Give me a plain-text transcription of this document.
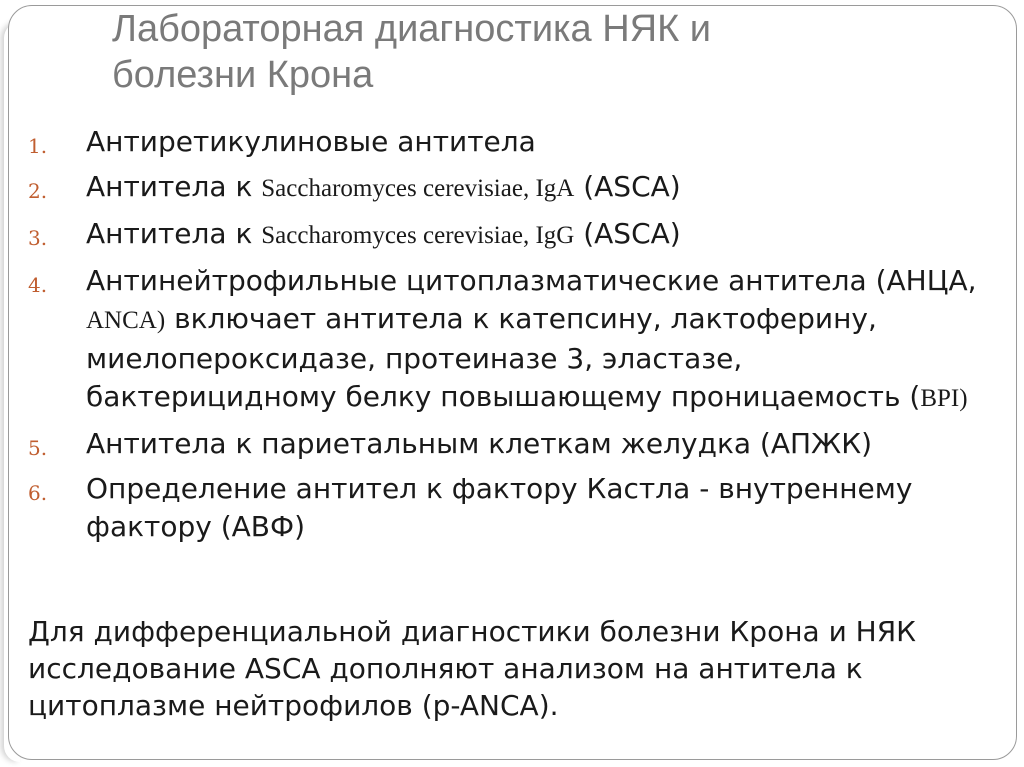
Лабораторная диагностика НЯК и
болезни Крона
1. Антиретикулиновые антитела
2. Антитела к Saccharomyces cerevisiae, IgA (ASCA)
3. Антитела к Saccharomyces cerevisiae, IgG (ASCA)
4. Антинейтрофильные цитоплазматические антитела (АНЦА, ANCA) включает антитела к катепсину, лактоферину, миелопероксидазе, протеиназе 3, эластазе, бактерицидному белку повышающему проницаемость (BPI)
5. Антитела к париетальным клеткам желудка (АПЖК)
6. Определение антител к фактору Кастла - внутреннему фактору (АВФ)

Для дифференциальной диагностики болезни Крона и НЯК исследование ASCA дополняют анализом на антитела к цитоплазме нейтрофилов (p-ANCA).
